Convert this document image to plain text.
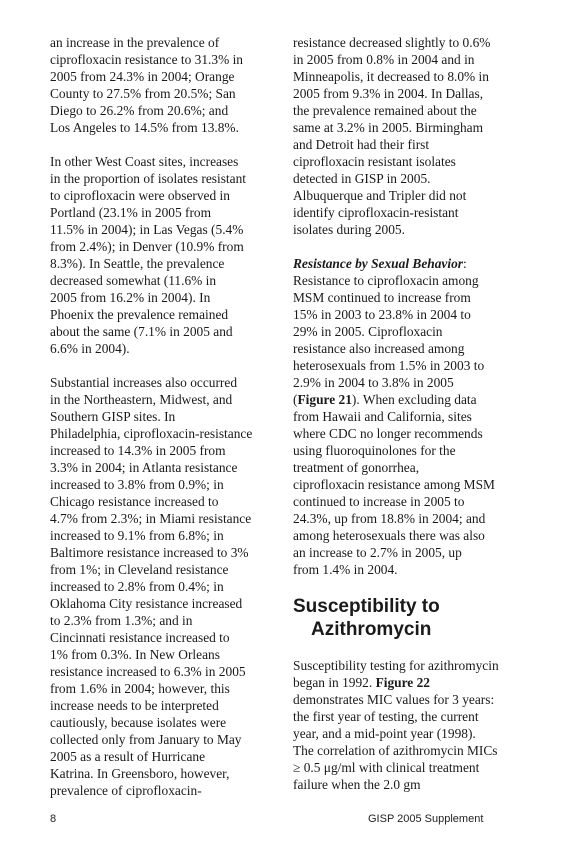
an increase in the prevalence of
ciprofloxacin resistance to 31.3% in
2005 from 24.3% in 2004; Orange
County to 27.5% from 20.5%; San
Diego to 26.2% from 20.6%; and
Los Angeles to 14.5% from 13.8%.

In other West Coast sites, increases
in the proportion of isolates resistant
to ciprofloxacin were observed in
Portland (23.1% in 2005 from
11.5% in 2004); in Las Vegas (5.4%
from 2.4%); in Denver (10.9% from
8.3%). In Seattle, the prevalence
decreased somewhat (11.6% in
2005 from 16.2% in 2004). In
Phoenix the prevalence remained
about the same (7.1% in 2005 and
6.6% in 2004).

Substantial increases also occurred
in the Northeastern, Midwest, and
Southern GISP sites. In
Philadelphia, ciprofloxacin-resistance
increased to 14.3% in 2005 from
3.3% in 2004; in Atlanta resistance
increased to 3.8% from 0.9%; in
Chicago resistance increased to
4.7% from 2.3%; in Miami resistance
increased to 9.1% from 6.8%; in
Baltimore resistance increased to 3%
from 1%; in Cleveland resistance
increased to 2.8% from 0.4%; in
Oklahoma City resistance increased
to 2.3% from 1.3%; and in
Cincinnati resistance increased to
1% from 0.3%. In New Orleans
resistance increased to 6.3% in 2005
from 1.6% in 2004; however, this
increase needs to be interpreted
cautiously, because isolates were
collected only from January to May
2005 as a result of Hurricane
Katrina. In Greensboro, however,
prevalence of ciprofloxacin-

resistance decreased slightly to 0.6%
in 2005 from 0.8% in 2004 and in
Minneapolis, it decreased to 8.0% in
2005 from 9.3% in 2004. In Dallas,
the prevalence remained about the
same at 3.2% in 2005. Birmingham
and Detroit had their first
ciprofloxacin resistant isolates
detected in GISP in 2005.
Albuquerque and Tripler did not
identify ciprofloxacin-resistant
isolates during 2005.

Resistance by Sexual Behavior:
Resistance to ciprofloxacin among
MSM continued to increase from
15% in 2003 to 23.8% in 2004 to
29% in 2005. Ciprofloxacin
resistance also increased among
heterosexuals from 1.5% in 2003 to
2.9% in 2004 to 3.8% in 2005
(Figure 21). When excluding data
from Hawaii and California, sites
where CDC no longer recommends
using fluoroquinolones for the
treatment of gonorrhea,
ciprofloxacin resistance among MSM
continued to increase in 2005 to
24.3%, up from 18.8% in 2004; and
among heterosexuals there was also
an increase to 2.7% in 2005, up
from 1.4% in 2004.

Susceptibility to
Azithromycin

Susceptibility testing for azithromycin
began in 1992. Figure 22
demonstrates MIC values for 3 years:
the first year of testing, the current
year, and a mid-point year (1998).
The correlation of azithromycin MICs
≥ 0.5 μg/ml with clinical treatment
failure when the 2.0 gm

8	GISP 2005 Supplement
